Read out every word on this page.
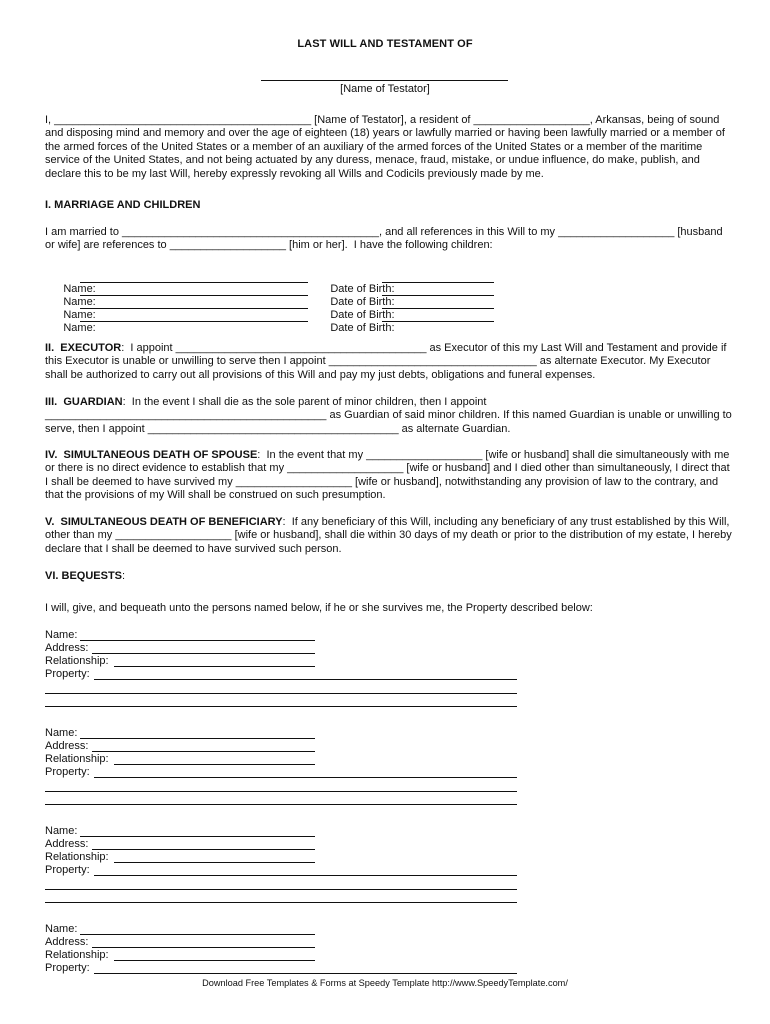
LAST WILL AND TESTAMENT OF
[Name of Testator]
I, __________________________________________ [Name of Testator], a resident of ___________________, Arkansas, being of sound and disposing mind and memory and over the age of eighteen (18) years or lawfully married or having been lawfully married or a member of the armed forces of the United States or a member of an auxiliary of the armed forces of the United States or a member of the maritime service of the United States, and not being actuated by any duress, menace, fraud, mistake, or undue influence, do make, publish, and declare this to be my last Will, hereby expressly revoking all Wills and Codicils previously made by me.
I. MARRIAGE AND CHILDREN
I am married to __________________________________________, and all references in this Will to my ___________________ [husband or wife] are references to ___________________ [him or her].  I have the following children:

Name:
	Date of Birth:

Name:
	Date of Birth:

Name:
	Date of Birth:

Name:
	Date of Birth:

II.  EXECUTOR:  I appoint _________________________________________ as Executor of this my Last Will and Testament and provide if this Executor is unable or unwilling to serve then I appoint __________________________________ as alternate Executor. My Executor shall be authorized to carry out all provisions of this Will and pay my just debts, obligations and funeral expenses.
III.  GUARDIAN:  In the event I shall die as the sole parent of minor children, then I appoint ______________________________________________ as Guardian of said minor children. If this named Guardian is unable or unwilling to serve, then I appoint _________________________________________ as alternate Guardian.
IV.  SIMULTANEOUS DEATH OF SPOUSE:  In the event that my ___________________ [wife or husband] shall die simultaneously with me or there is no direct evidence to establish that my ___________________ [wife or husband] and I died other than simultaneously, I direct that I shall be deemed to have survived my ___________________ [wife or husband], notwithstanding any provision of law to the contrary, and that the provisions of my Will shall be construed on such presumption.
V.  SIMULTANEOUS DEATH OF BENEFICIARY:  If any beneficiary of this Will, including any beneficiary of any trust established by this Will, other than my ___________________ [wife or husband], shall die within 30 days of my death or prior to the distribution of my estate, I hereby declare that I shall be deemed to have survived such person.
VI. BEQUESTS:
I will, give, and bequeath unto the persons named below, if he or she survives me, the Property described below:
Name:
Address:
Relationship:
Property:
Name:
Address:
Relationship:
Property:
Name:
Address:
Relationship:
Property:
Name:
Address:
Relationship:
Property:
Download Free Templates & Forms at Speedy Template http://www.SpeedyTemplate.com/
